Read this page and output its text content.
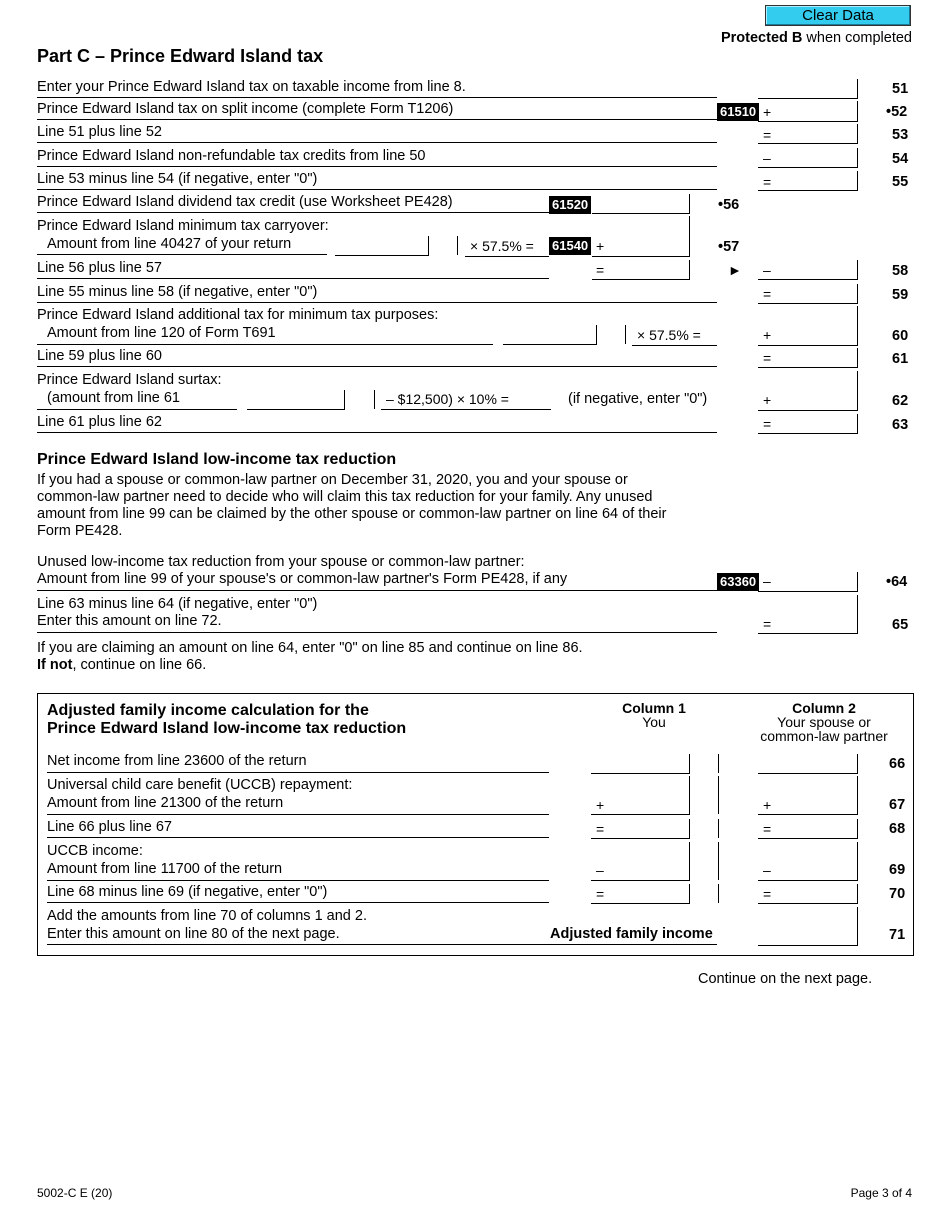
Clear Data
Protected B when completed
Part C – Prince Edward Island tax
Enter your Prince Edward Island tax on taxable income from line 8.	51
Prince Edward Island tax on split income (complete Form T1206)	61510 +	•52
Line 51 plus line 52	=	53
Prince Edward Island non-refundable tax credits from line 50	–	54
Line 53 minus line 54 (if negative, enter "0")	=	55
Prince Edward Island dividend tax credit (use Worksheet PE428)	61520	•56
Prince Edward Island minimum tax carryover:
Amount from line 40427 of your return	× 57.5% = 61540 +	•57
Line 56 plus line 57	=	► –	58
Line 55 minus line 58 (if negative, enter "0")	=	59
Prince Edward Island additional tax for minimum tax purposes:
Amount from line 120 of Form T691	× 57.5% =	+	60
Line 59 plus line 60	=	61
Prince Edward Island surtax:
(amount from line 61	– $12,500) × 10% =	(if negative, enter "0")	+	62
Line 61 plus line 62	=	63
Prince Edward Island low-income tax reduction
If you had a spouse or common-law partner on December 31, 2020, you and your spouse or
common-law partner need to decide who will claim this tax reduction for your family. Any unused
amount from line 99 can be claimed by the other spouse or common-law partner on line 64 of their
Form PE428.
Unused low-income tax reduction from your spouse or common-law partner:
Amount from line 99 of your spouse's or common-law partner's Form PE428, if any	63360 –	•64
Line 63 minus line 64 (if negative, enter "0")
Enter this amount on line 72.	=	65
If you are claiming an amount on line 64, enter "0" on line 85 and continue on line 86.
If not, continue on line 66.
Adjusted family income calculation for the
Prince Edward Island low-income tax reduction
Column 1
You
Column 2
Your spouse or
common-law partner
Net income from line 23600 of the return	66
Universal child care benefit (UCCB) repayment:
Amount from line 21300 of the return	+	+	67
Line 66 plus line 67	=	=	68
UCCB income:
Amount from line 11700 of the return	–	–	69
Line 68 minus line 69 (if negative, enter "0")	=	=	70
Add the amounts from line 70 of columns 1 and 2.
Enter this amount on line 80 of the next page.	Adjusted family income	71
Continue on the next page.
5002-C E (20)	Page 3 of 4
